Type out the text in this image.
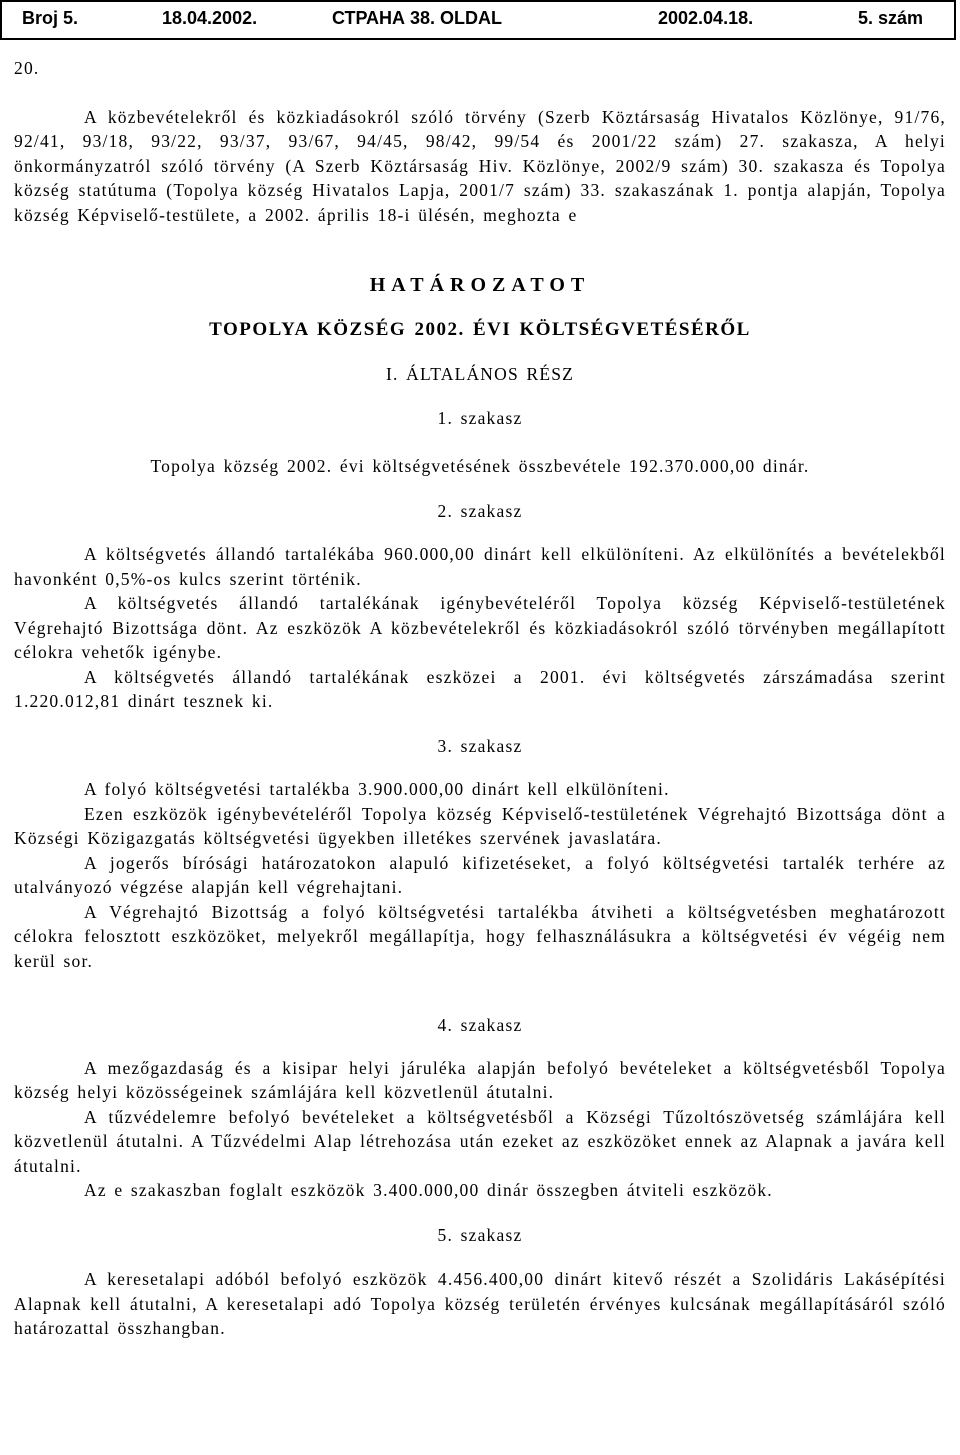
Broj 5.	18.04.2002.	СТРАНА 38. OLDAL	2002.04.18.	5. szám

20.

A közbevételekről és közkiadásokról szóló törvény (Szerb Köztársaság Hivatalos Közlönye, 91/76, 92/41, 93/18, 93/22, 93/37, 93/67, 94/45, 98/42, 99/54 és 2001/22 szám) 27. szakasza, A helyi önkormányzatról szóló törvény (A Szerb Köztársaság Hiv. Közlönye, 2002/9 szám) 30. szakasza és Topolya község statútuma (Topolya község Hivatalos Lapja, 2001/7 szám) 33. szakaszának 1. pontja alapján, Topolya község Képviselő-testülete, a 2002. április 18-i ülésén, meghozta e

HATÁROZATOT

TOPOLYA KÖZSÉG 2002. ÉVI KÖLTSÉGVETÉSÉRŐL

I. ÁLTALÁNOS RÉSZ

1. szakasz

Topolya község 2002. évi költségvetésének összbevétele 192.370.000,00 dinár.

2. szakasz

A költségvetés állandó tartalékába 960.000,00 dinárt kell elkülöníteni. Az elkülönítés a bevételekből havonként 0,5%-os kulcs szerint történik.

A költségvetés állandó tartalékának igénybevételéről Topolya község Képviselő-testületének Végrehajtó Bizottsága dönt. Az eszközök A közbevételekről és közkiadásokról szóló törvényben megállapított célokra vehetők igénybe.

A költségvetés állandó tartalékának eszközei a 2001. évi költségvetés zárszámadása szerint 1.220.012,81 dinárt tesznek ki.

3. szakasz

A folyó költségvetési tartalékba 3.900.000,00 dinárt kell elkülöníteni.

Ezen eszközök igénybevételéről Topolya község Képviselő-testületének Végrehajtó Bizottsága dönt a Községi Közigazgatás költségvetési ügyekben illetékes szervének javaslatára.

A jogerős bírósági határozatokon alapuló kifizetéseket, a folyó költségvetési tartalék terhére az utalványozó végzése alapján kell végrehajtani.

A Végrehajtó Bizottság a folyó költségvetési tartalékba átviheti a költségvetésben meghatározott célokra felosztott eszközöket, melyekről megállapítja, hogy felhasználásukra a költségvetési év végéig nem kerül sor.

4. szakasz

A mezőgazdaság és a kisipar helyi járuléka alapján befolyó bevételeket a költségvetésből Topolya község helyi közösségeinek számlájára kell közvetlenül átutalni.

A tűzvédelemre befolyó bevételeket a költségvetésből a Községi Tűzoltószövetség számlájára kell közvetlenül átutalni. A Tűzvédelmi Alap létrehozása után ezeket az eszközöket ennek az Alapnak a javára kell átutalni.

Az e szakaszban foglalt eszközök 3.400.000,00 dinár összegben átviteli eszközök.

5. szakasz

A keresetalapi adóból befolyó eszközök 4.456.400,00 dinárt kitevő részét a Szolidáris Lakásépítési Alapnak kell átutalni, A keresetalapi adó Topolya község területén érvényes kulcsának megállapításáról szóló határozattal összhangban.
